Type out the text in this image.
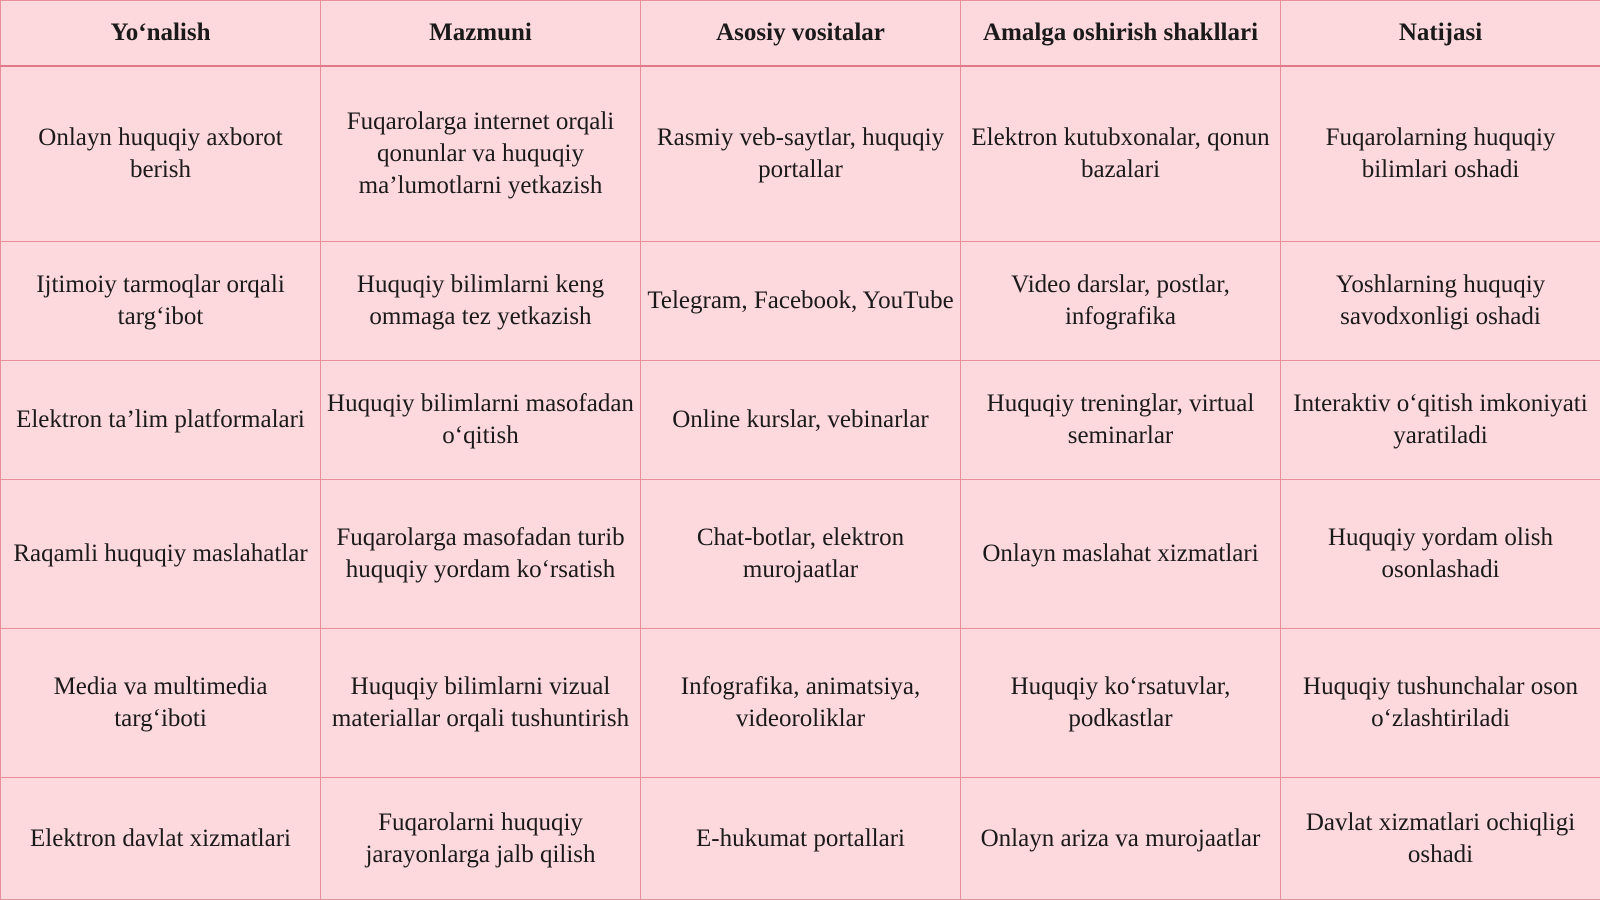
Yo‘nalish	Mazmuni	Asosiy vositalar	Amalga oshirish shakllari	Natijasi
Onlayn huquqiy axborot berish	Fuqarolarga internet orqali qonunlar va huquqiy ma’lumotlarni yetkazish	Rasmiy veb-saytlar, huquqiy portallar	Elektron kutubxonalar, qonun bazalari	Fuqarolarning huquqiy bilimlari oshadi
Ijtimoiy tarmoqlar orqali targ‘ibot	Huquqiy bilimlarni keng ommaga tez yetkazish	Telegram, Facebook, YouTube	Video darslar, postlar, infografika	Yoshlarning huquqiy savodxonligi oshadi
Elektron ta’lim platformalari	Huquqiy bilimlarni masofadan o‘qitish	Online kurslar, vebinarlar	Huquqiy treninglar, virtual seminarlar	Interaktiv o‘qitish imkoniyati yaratiladi
Raqamli huquqiy maslahatlar	Fuqarolarga masofadan turib huquqiy yordam ko‘rsatish	Chat-botlar, elektron murojaatlar	Onlayn maslahat xizmatlari	Huquqiy yordam olish osonlashadi
Media va multimedia targ‘iboti	Huquqiy bilimlarni vizual materiallar orqali tushuntirish	Infografika, animatsiya, videoroliklar	Huquqiy ko‘rsatuvlar, podkastlar	Huquqiy tushunchalar oson o‘zlashtiriladi
Elektron davlat xizmatlari	Fuqarolarni huquqiy jarayonlarga jalb qilish	E-hukumat portallari	Onlayn ariza va murojaatlar	Davlat xizmatlari ochiqligi oshadi
